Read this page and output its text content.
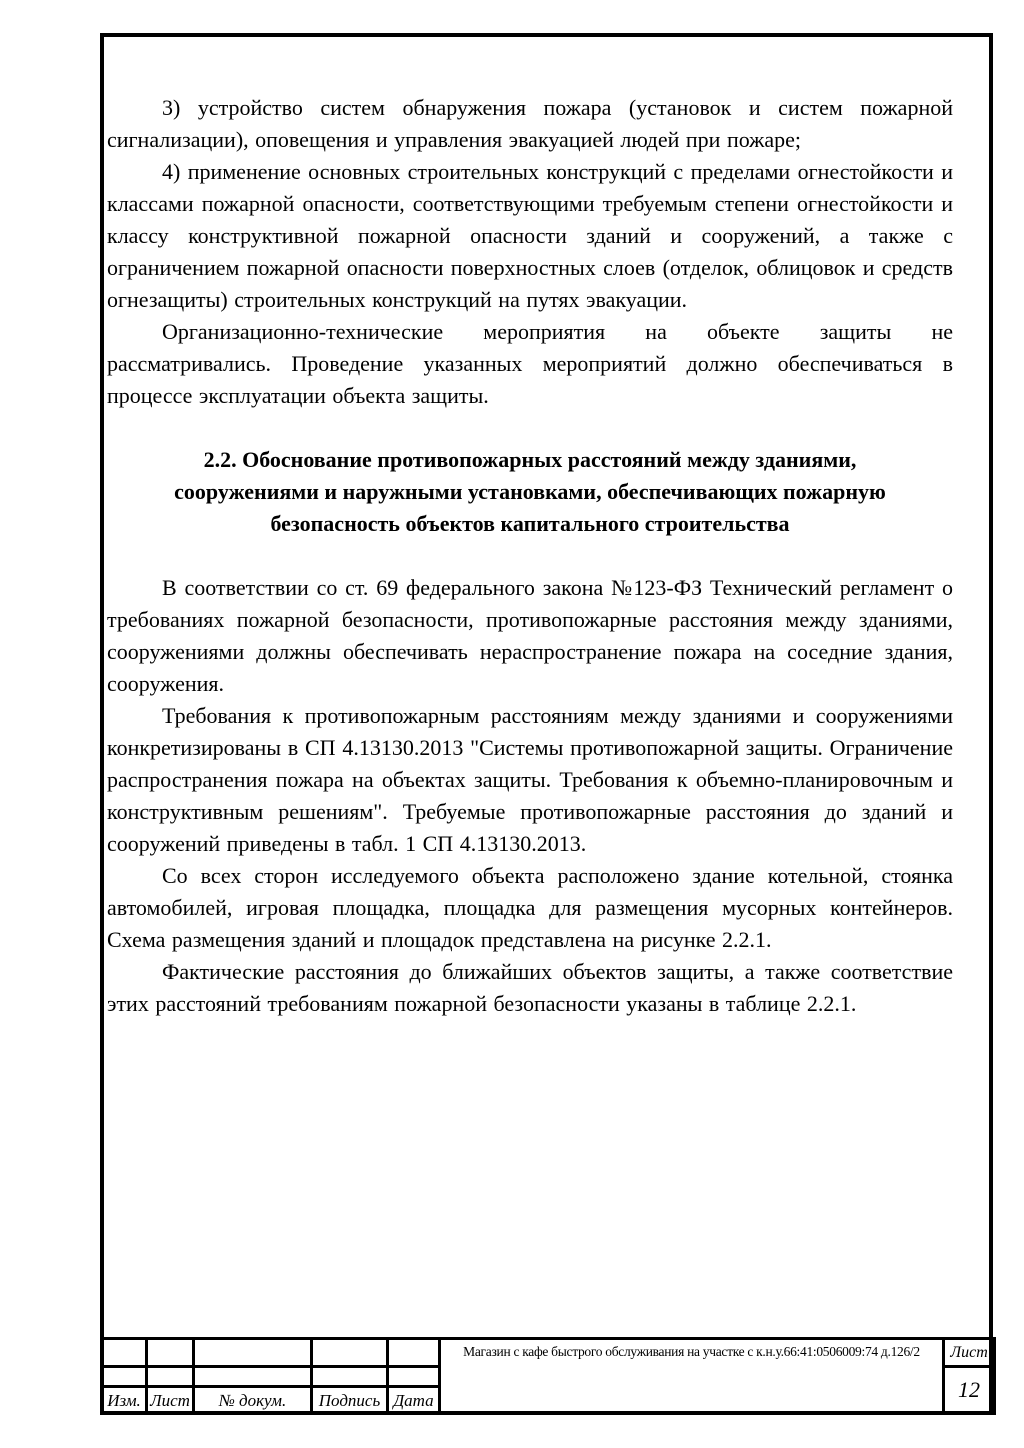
3) устройство систем обнаружения пожара (установок и систем пожарной сигнализации), оповещения и управления эвакуацией людей при пожаре;

4) применение основных строительных конструкций с пределами огнестойкости и классами пожарной опасности, соответствующими требуемым степени огнестойкости и классу конструктивной пожарной опасности зданий и сооружений, а также с ограничением пожарной опасности поверхностных слоев (отделок, облицовок и средств огнезащиты) строительных конструкций на путях эвакуации.

Организационно-технические мероприятия на объекте защиты не рассматривались. Проведение указанных мероприятий должно обеспечиваться в процессе эксплуатации объекта защиты.

2.2. Обоснование противопожарных расстояний между зданиями, сооружениями и наружными установками, обеспечивающих пожарную безопасность объектов капитального строительства

В соответствии со ст. 69 федерального закона №123-ФЗ Технический регламент о требованиях пожарной безопасности, противопожарные расстояния между зданиями, сооружениями должны обеспечивать нераспространение пожара на соседние здания, сооружения.

Требования к противопожарным расстояниям между зданиями и сооружениями конкретизированы в СП 4.13130.2013 "Системы противопожарной защиты. Ограничение распространения пожара на объектах защиты. Требования к объемно-планировочным и конструктивным решениям". Требуемые противопожарные расстояния до зданий и сооружений приведены в табл. 1 СП 4.13130.2013.

Со всех сторон исследуемого объекта расположено здание котельной, стоянка автомобилей, игровая площадка, площадка для размещения мусорных контейнеров. Схема размещения зданий и площадок представлена на рисунке 2.2.1.

Фактические расстояния до ближайших объектов защиты, а также соответствие этих расстояний требованиям пожарной безопасности указаны в таблице 2.2.1.

					Магазин с кафе быстрого обслуживания на участке с к.н.у.66:41:0506009:74 д.126/2	Лист
						12
Изм.	Лист	№ докум.	Подпись	Дата		
